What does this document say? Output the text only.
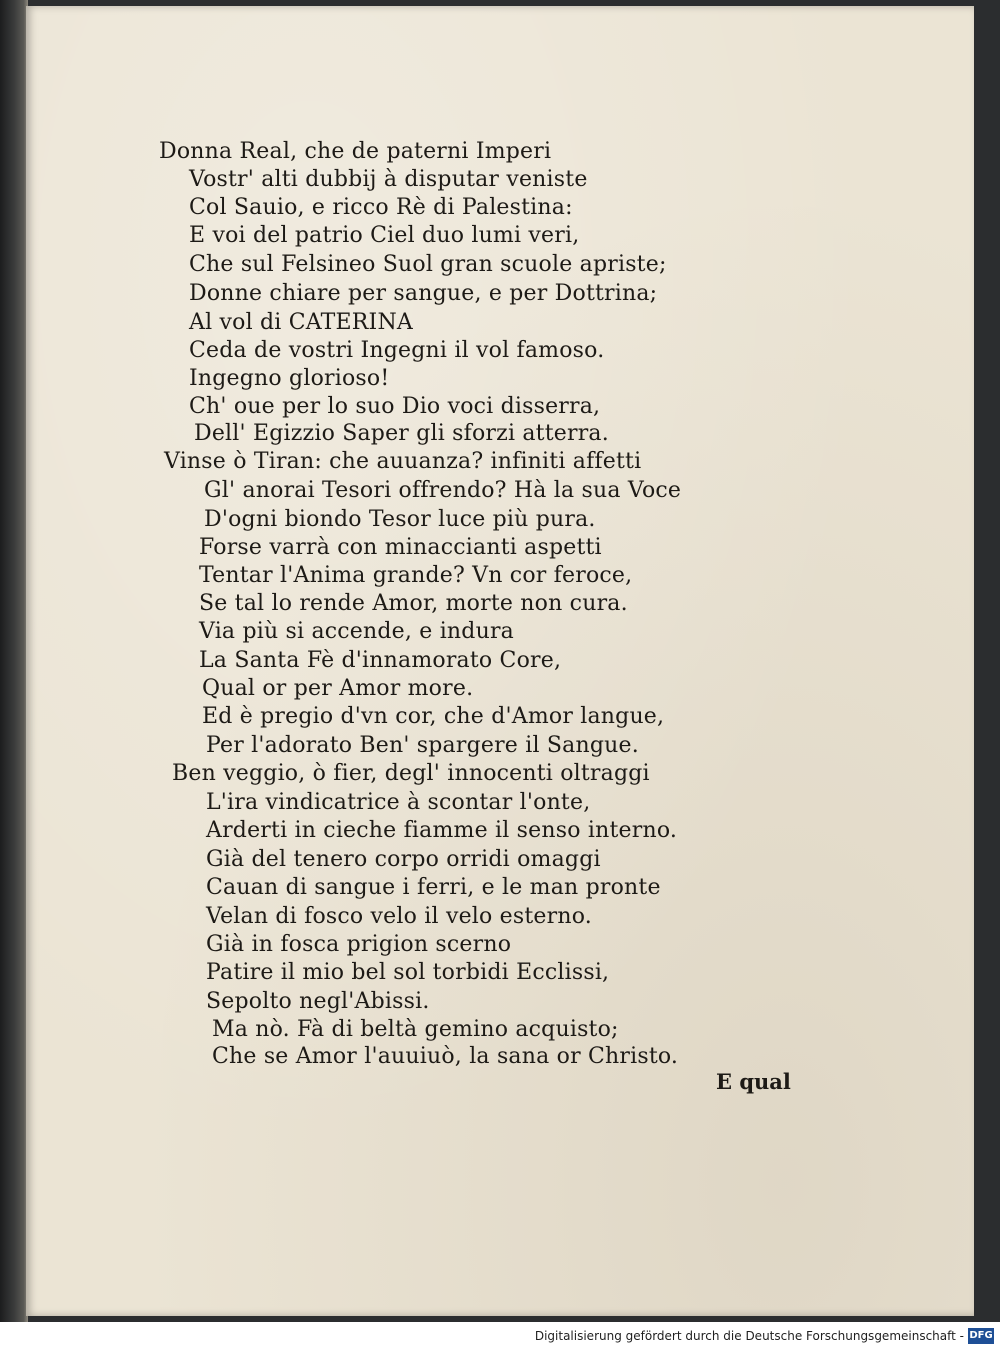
Donna Real, che de paterni Imperi
Vostr' alti dubbij à disputar veniste
Col Sauio, e ricco Rè di Palestina:
E voi del patrio Ciel duo lumi veri,
Che sul Felsineo Suol gran scuole apriste;
Donne chiare per sangue, e per Dottrina;
Al vol di CATERINA
Ceda de vostri Ingegni il vol famoso.
Ingegno glorioso!
Ch' oue per lo suo Dio voci disserra,
Dell' Egizzio Saper gli sforzi atterra.
Vinse ò Tiran: che auuanza? infiniti affetti
Gl' anorai Tesori offrendo? Hà la sua Voce
D'ogni biondo Tesor luce più pura.
Forse varrà con minaccianti aspetti
Tentar l'Anima grande? Vn cor feroce,
Se tal lo rende Amor, morte non cura.
Via più si accende, e indura
La Santa Fè d'innamorato Core,
Qual or per Amor more.
Ed è pregio d'vn cor, che d'Amor langue,
Per l'adorato Ben' spargere il Sangue.
Ben veggio, ò fier, degl' innocenti oltraggi
L'ira vindicatrice à scontar l'onte,
Arderti in cieche fiamme il senso interno.
Già del tenero corpo orridi omaggi
Cauan di sangue i ferri, e le man pronte
Velan di fosco velo il velo esterno.
Già in fosca prigion scerno
Patire il mio bel sol torbidi Ecclissi,
Sepolto negl'Abissi.
Ma nò. Fà di beltà gemino acquisto;
Che se Amor l'auuiuò, la sana or Christo.
E qual
Digitalisierung gefördert durch die Deutsche Forschungsgemeinschaft - DFG
